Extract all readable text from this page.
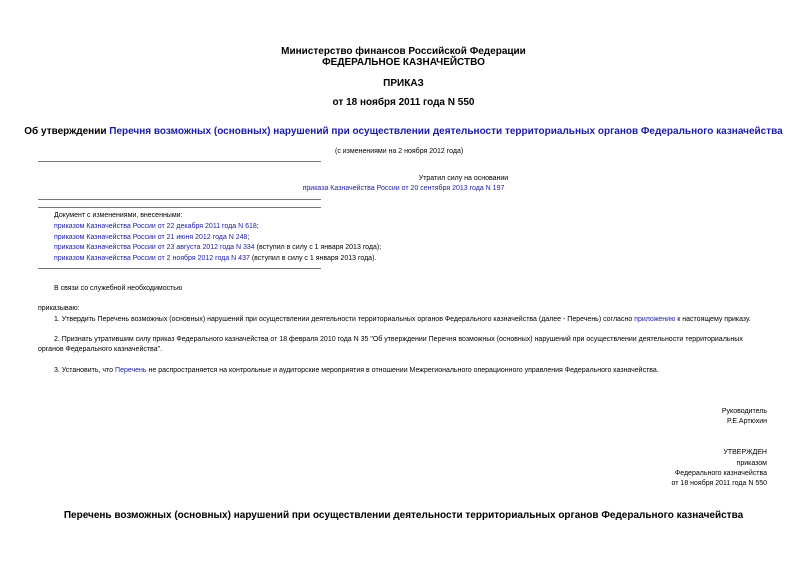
Министерство финансов Российской Федерации
ФЕДЕРАЛЬНОЕ КАЗНАЧЕЙСТВО
ПРИКАЗ
от 18 ноября 2011 года N 550
Об утверждении Перечня возможных (основных) нарушений при осуществлении деятельности территориальных органов Федерального казначейства
(с изменениями на 2 ноября 2012 года)
Утратил силу на основании
приказа Казначейства России от 20 сентября 2013 года N 197
Документ с изменениями, внесенными:
приказом Казначейства России от 22 декабря 2011 года N 618;
приказом Казначейства России от 21 июня 2012 года N 248;
приказом Казначейства России от 23 августа 2012 года N 334 (вступил в силу с 1 января 2013 года);
приказом Казначейства России от 2 ноября 2012 года N 437 (вступил в силу с 1 января 2013 года).
В связи со служебной необходимостью
приказываю:
1. Утвердить Перечень возможных (основных) нарушений при осуществлении деятельности территориальных органов Федерального казначейства (далее - Перечень) согласно приложению к настоящему приказу.
2. Признать утратившим силу приказ Федерального казначейства от 18 февраля 2010 года N 35 "Об утверждении Перечня возможных (основных) нарушений при осуществлении деятельности территориальных
органов Федерального казначейства".
3. Установить, что Перечень не распространяется на контрольные и аудиторские мероприятия в отношении Межрегионального операционного управления Федерального казначейства.
Руководитель
Р.Е.Артюхин
УТВЕРЖДЕН
приказом
Федерального казначейства
от 18 ноября 2011 года N 550
Перечень возможных (основных) нарушений при осуществлении деятельности территориальных органов Федерального казначейства
